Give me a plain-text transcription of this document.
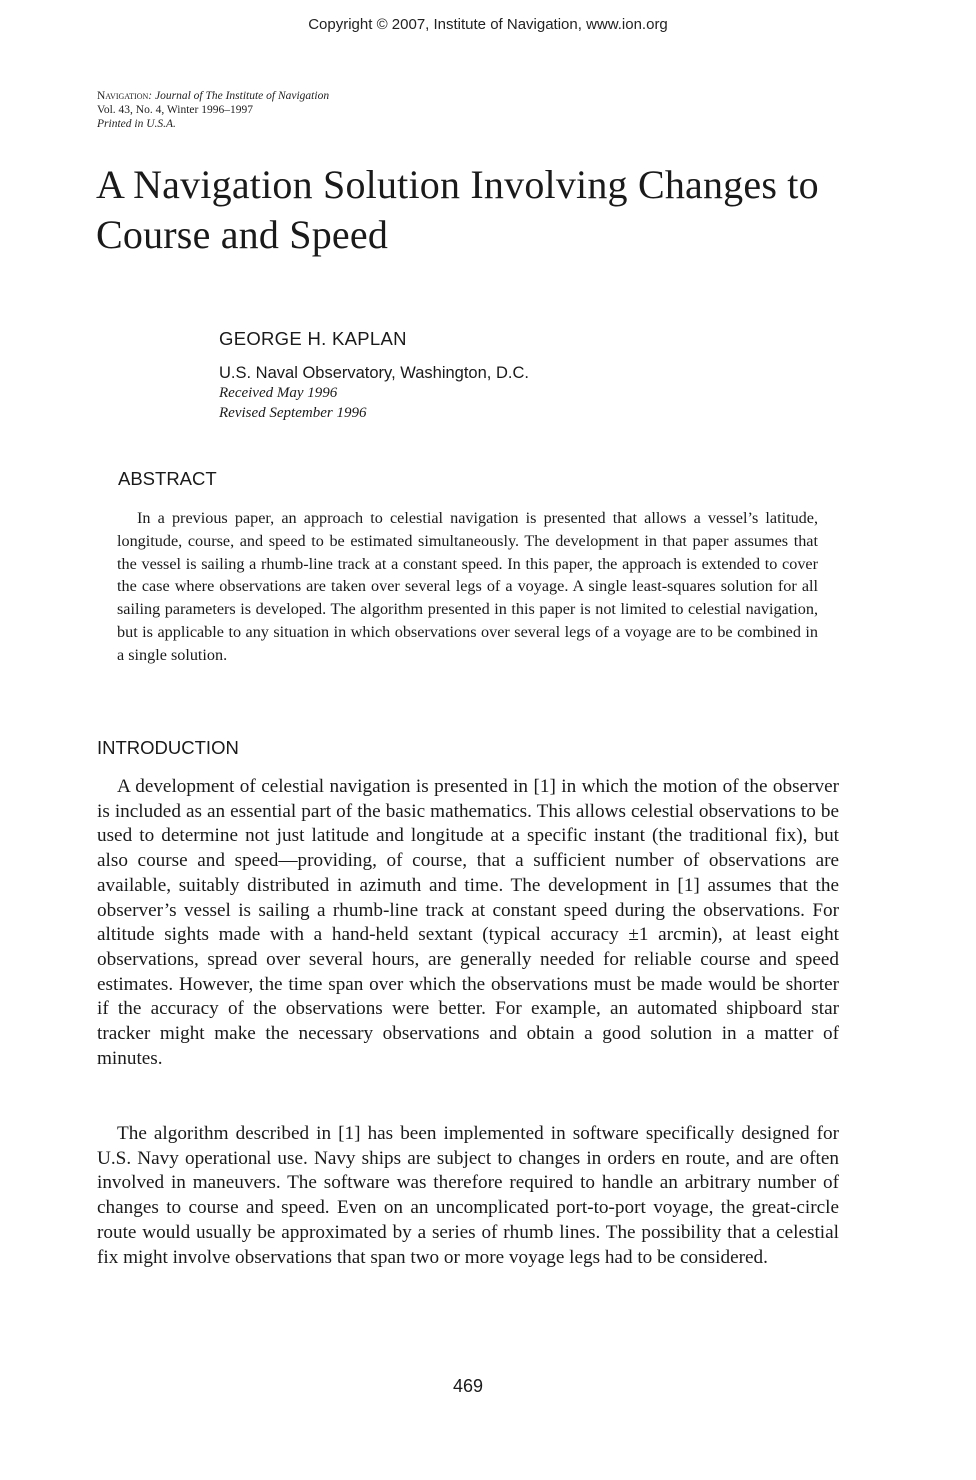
Copyright © 2007, Institute of Navigation, www.ion.org
Navigation: Journal of The Institute of Navigation
Vol. 43, No. 4, Winter 1996–1997
Printed in U.S.A.
A Navigation Solution Involving Changes to Course and Speed

GEORGE H. KAPLAN

U.S. Naval Observatory, Washington, D.C.

Received May 1996

Revised September 1996

ABSTRACT

In a previous paper, an approach to celestial navigation is presented that allows a vessel’s latitude, longitude, course, and speed to be estimated simultaneously. The development in that paper assumes that the vessel is sailing a rhumb-line track at a constant speed. In this paper, the approach is extended to cover the case where observations are taken over several legs of a voyage. A single least-squares solution for all sailing parameters is developed. The algorithm presented in this paper is not limited to celestial navigation, but is applicable to any situation in which observations over several legs of a voyage are to be combined in a single solution.

INTRODUCTION

A development of celestial navigation is presented in [1] in which the motion of the observer is included as an essential part of the basic mathematics. This allows celestial observations to be used to determine not just latitude and longitude at a specific instant (the traditional fix), but also course and speed—providing, of course, that a sufficient number of observations are available, suitably distributed in azimuth and time. The development in [1] assumes that the observer’s vessel is sailing a rhumb-line track at constant speed during the observations. For altitude sights made with a hand-held sextant (typical accuracy ±1 arcmin), at least eight observations, spread over several hours, are generally needed for reliable course and speed estimates. However, the time span over which the observations must be made would be shorter if the accuracy of the observations were better. For example, an automated shipboard star tracker might make the necessary observations and obtain a good solution in a matter of minutes.

The algorithm described in [1] has been implemented in software specifically designed for U.S. Navy operational use. Navy ships are subject to changes in orders en route, and are often involved in maneuvers. The software was therefore required to handle an arbitrary number of changes to course and speed. Even on an uncomplicated port-to-port voyage, the great-circle route would usually be approximated by a series of rhumb lines. The possibility that a celestial fix might involve observations that span two or more voyage legs had to be considered.

469
